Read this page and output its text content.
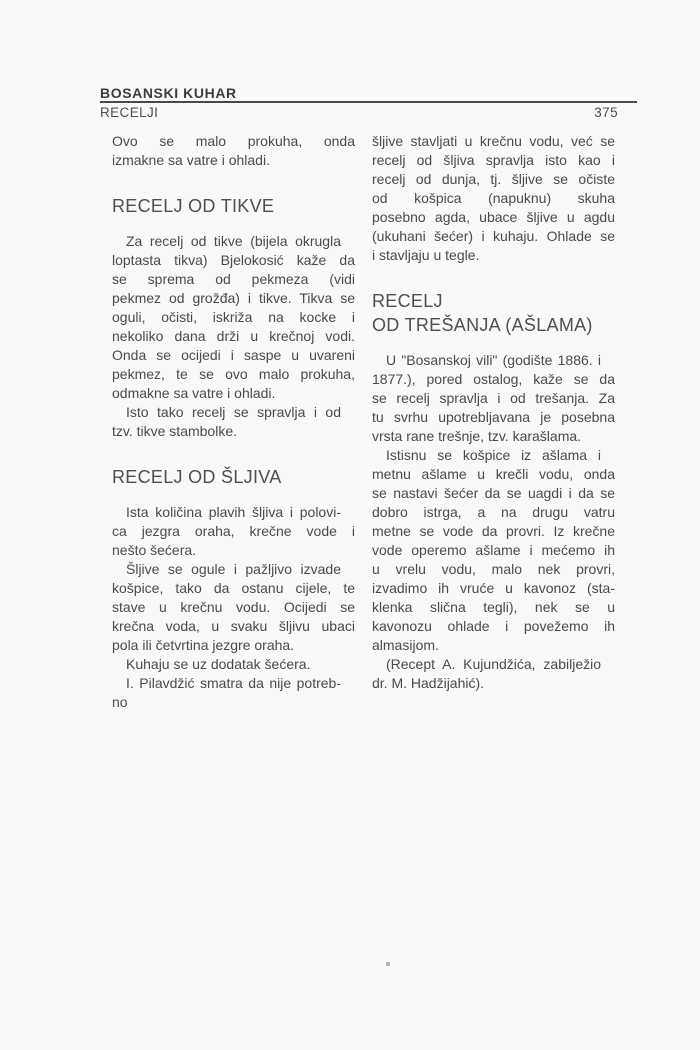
BOSANSKI KUHAR
RECELJI	375
Ovo se malo prokuha, onda
izmakne sa vatre i ohladi.
RECELJ OD TIKVE
Za recelj od tikve (bijela okrugla
loptasta tikva) Bjelokosić kaže da
se sprema od pekmeza (vidi
pekmez od grožđa) i tikve. Tikva se
oguli, očisti, iskriža na kocke i
nekoliko dana drži u krečnoj vodi.
Onda se ocijedi i saspe u uvareni
pekmez, te se ovo malo prokuha,
odmakne sa vatre i ohladi.
Isto tako recelj se spravlja i od
tzv. tikve stambolke.
RECELJ OD ŠLJIVA
Ista količina plavih šljiva i polovi-
ca jezgra oraha, krečne vode i
nešto šećera.
Šljive se ogule i pažljivo izvade
košpice, tako da ostanu cijele, te
stave u krečnu vodu. Ocijedi se
krečna voda, u svaku šljivu ubaci
pola ili četvrtina jezgre oraha.
Kuhaju se uz dodatak šećera.
I. Pilavdžić smatra da nije potreb-
no
šljive stavljati u krečnu vodu, već se
recelj od šljiva spravlja isto kao i
recelj od dunja, tj. šljive se očiste
od košpica (napuknu) skuha
posebno agda, ubace šljive u agdu
(ukuhani šećer) i kuhaju. Ohlade se
i stavljaju u tegle.
RECELJ
OD TREŠANJA (AŠLAMA)
U "Bosanskoj vili" (godište 1886. i
1877.), pored ostalog, kaže se da
se recelj spravlja i od trešanja. Za
tu svrhu upotrebljavana je posebna
vrsta rane trešnje, tzv. karašlama.
Istisnu se košpice iz ašlama i
metnu ašlame u krečli vodu, onda
se nastavi šećer da se uagdi i da se
dobro istrga, a na drugu vatru
metne se vode da provri. Iz krečne
vode operemo ašlame i mećemo ih
u vrelu vodu, malo nek provri,
izvadimo ih vruće u kavonoz (sta-
klenka slična tegli), nek se u
kavonozu ohlade i povežemo ih
almasijom.
(Recept A. Kujundžića, zabilježio
dr. M. Hadžijahić).
